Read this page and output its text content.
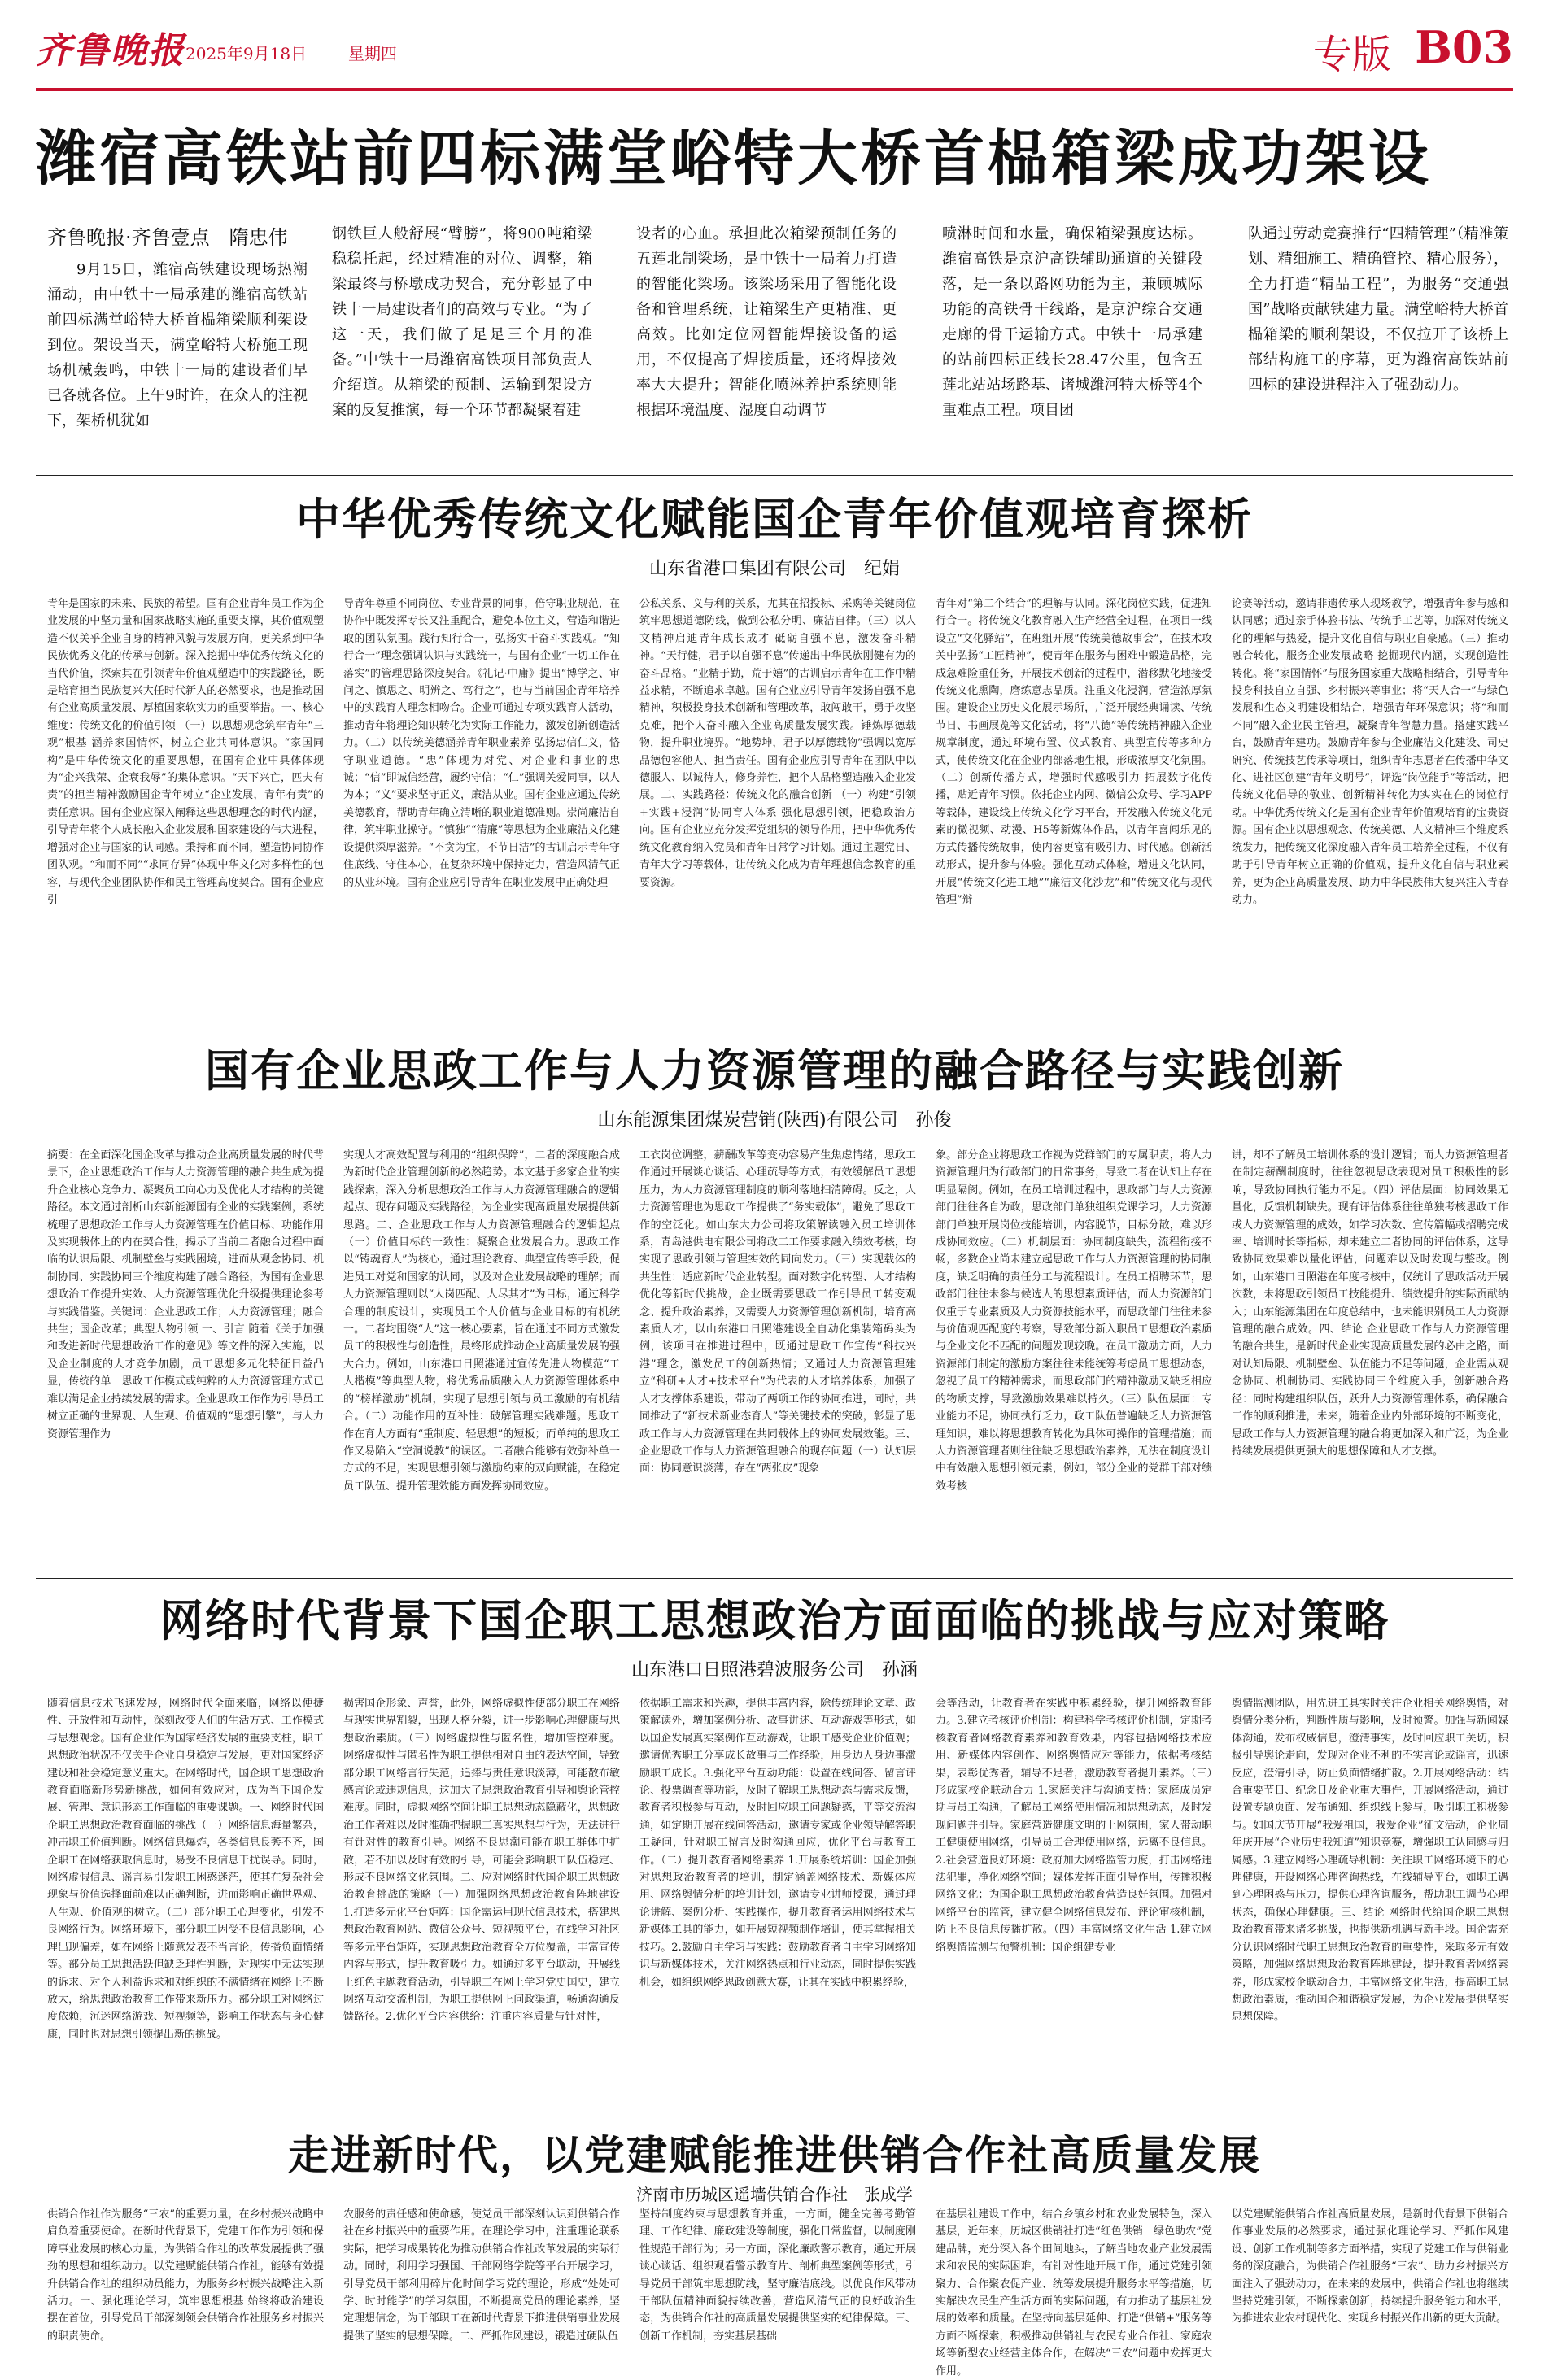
齐鲁晚报 2025年9月18日	星期四	专版 B03
潍宿高铁站前四标满堂峪特大桥首榀箱梁成功架设
齐鲁晚报·齐鲁壹点　隋忠伟
9月15日，潍宿高铁建设现场热潮涌动，由中铁十一局承建的潍宿高铁站前四标满堂峪特大桥首榀箱梁顺利架设到位。架设当天，满堂峪特大桥施工现场机械轰鸣，中铁十一局的建设者们早已各就各位。上午9时许，在众人的注视下，架桥机犹如
钢铁巨人般舒展“臂膀”，将900吨箱梁稳稳托起，经过精准的对位、调整，箱梁最终与桥墩成功契合，充分彰显了中铁十一局建设者们的高效与专业。“为了这一天，我们做了足足三个月的准备。”中铁十一局潍宿高铁项目部负责人介绍道。从箱梁的预制、运输到架设方案的反复推演，每一个环节都凝聚着建
设者的心血。承担此次箱梁预制任务的五莲北制梁场，是中铁十一局着力打造的智能化梁场。该梁场采用了智能化设备和管理系统，让箱梁生产更精准、更高效。比如定位网智能焊接设备的运用，不仅提高了焊接质量，还将焊接效率大大提升；智能化喷淋养护系统则能根据环境温度、湿度自动调节
喷淋时间和水量，确保箱梁强度达标。潍宿高铁是京沪高铁辅助通道的关键段落，是一条以路网功能为主，兼顾城际功能的高铁骨干线路，是京沪综合交通走廊的骨干运输方式。中铁十一局承建的站前四标正线长28.47公里，包含五莲北站站场路基、诸城潍河特大桥等4个重难点工程。项目团
队通过劳动竞赛推行“四精管理”（精准策划、精细施工、精确管控、精心服务），全力打造“精品工程”，为服务“交通强国”战略贡献铁建力量。满堂峪特大桥首榀箱梁的顺利架设，不仅拉开了该桥上部结构施工的序幕，更为潍宿高铁站前四标的建设进程注入了强劲动力。
中华优秀传统文化赋能国企青年价值观培育探析
山东省港口集团有限公司　纪娟
青年是国家的未来、民族的希望。国有企业青年员工作为企业发展的中坚力量和国家战略实施的重要支撑，其价值观塑造不仅关乎企业自身的精神风貌与发展方向，更关系到中华民族优秀文化的传承与创新。深入挖掘中华优秀传统文化的当代价值，探索其在引领青年价值观塑造中的实践路径，既是培育担当民族复兴大任时代新人的必然要求，也是推动国有企业高质量发展、厚植国家软实力的重要举措。一、核心维度：传统文化的价值引领 （一）以思想观念筑牢青年“三观”根基 涵养家国情怀，树立企业共同体意识。“家国同构”是中华传统文化的重要思想，在国有企业中具体体现为“企兴我荣、企衰我辱”的集体意识。“天下兴亡，匹夫有责”的担当精神激励国企青年树立“企业发展，青年有责”的责任意识。国有企业应深入阐释这些思想理念的时代内涵，引导青年将个人成长融入企业发展和国家建设的伟大进程，增强对企业与国家的认同感。秉持和而不同，塑造协同协作团队观。“和而不同”“求同存异”体现中华文化对多样性的包容，与现代企业团队协作和民主管理高度契合。国有企业应引
导青年尊重不同岗位、专业背景的同事，倍守职业规范，在协作中既发挥专长又注重配合，避免本位主义，营造和谐进取的团队氛围。践行知行合一，弘扬实干奋斗实践观。“知行合一”理念强调认识与实践统一，与国有企业“一切工作在落实”的管理思路深度契合。《礼记·中庸》提出“博学之、审问之、慎思之、明辨之、笃行之”，也与当前国企青年培养中的实践育人理念相吻合。企业可通过专项实践育人活动，推动青年将理论知识转化为实际工作能力，激发创新创造活力。（二）以传统美德涵养青年职业素养 弘扬忠信仁义，恪守职业道德。“忠”体现为对党、对企业和事业的忠诚；“信”即诚信经营，履约守信；“仁”强调关爱同事，以人为本；“义”要求坚守正义，廉洁从业。国有企业应通过传统美德教育，帮助青年确立清晰的职业道德准则。崇尚廉洁自律，筑牢职业操守。“慎独”“清廉”等思想为企业廉洁文化建设提供深厚滋养。“不贪为宝，不节日洁”的古训启示青年守住底线、守住本心，在复杂环境中保持定力，营造风清气正的从业环境。国有企业应引导青年在职业发展中正确处理
公私关系、义与利的关系，尤其在招投标、采购等关键岗位筑牢思想道德防线，做到公私分明、廉洁自律。（三）以人文精神启迪青年成长成才 砥砺自强不息，激发奋斗精神。“天行健，君子以自强不息”传递出中华民族刚健有为的奋斗品格。“业精于勤，荒于嬉”的古训启示青年在工作中精益求精，不断追求卓越。国有企业应引导青年发扬自强不息精神，积极投身技术创新和管理改革，敢闯敢干，勇于攻坚克难，把个人奋斗融入企业高质量发展实践。锤炼厚德载物，提升职业境界。“地势坤，君子以厚德载物”强调以宽厚品德包容他人、担当责任。国有企业应引导青年在团队中以德服人、以诚待人，修身养性，把个人品格塑造融入企业发展。二、实践路径：传统文化的融合创新 （一）构建“引领+实践+浸润”协同育人体系 强化思想引领，把稳政治方向。国有企业应充分发挥党组织的领导作用，把中华优秀传统文化教育纳入党员和青年日常学习计划。通过主题党日、青年大学习等载体，让传统文化成为青年理想信念教育的重要资源。
青年对“第二个结合”的理解与认同。深化岗位实践，促进知行合一。将传统文化教育融入生产经营全过程，在项目一线设立“文化驿站”，在班组开展“传统美德故事会”，在技术攻关中弘扬“工匠精神”，使青年在服务与困难中锻造品格，完成急难险重任务，开展技术创新的过程中，潜移默化地接受传统文化熏陶，磨练意志品质。注重文化浸润，营造浓厚氛围。建设企业历史文化展示场所，广泛开展经典诵读、传统节日、书画展览等文化活动，将“八德”等传统精神融入企业规章制度，通过环境布置、仪式教育、典型宣传等多种方式，使传统文化在企业内部落地生根，形成浓厚文化氛围。（二）创新传播方式，增强时代感吸引力 拓展数字化传播，贴近青年习惯。依托企业内网、微信公众号、学习APP等载体，建设线上传统文化学习平台，开发融入传统文化元素的微视频、动漫、H5等新媒体作品，以青年喜闻乐见的方式传播传统故事，使内容更富有吸引力、时代感。创新活动形式，提升参与体验。强化互动式体验，增进文化认同，开展“传统文化进工地”“廉洁文化沙龙”和“传统文化与现代管理”辩
论赛等活动，邀请非遗传承人现场教学，增强青年参与感和认同感；通过亲手体验书法、传统手工艺等，加深对传统文化的理解与热爱，提升文化自信与职业自豪感。（三）推动融合转化，服务企业发展战略 挖掘现代内涵，实现创造性转化。将“家国情怀”与服务国家重大战略相结合，引导青年投身科技自立自强、乡村振兴等事业；将“天人合一”与绿色发展和生态文明建设相结合，增强青年环保意识；将“和而不同”融入企业民主管理，凝聚青年智慧力量。搭建实践平台，鼓励青年建功。鼓励青年参与企业廉洁文化建设、司史研究、传统技艺传承等项目，组织青年志愿者在传播中华文化、进社区创建“青年文明号”，评选“岗位能手”等活动，把传统文化倡导的敬业、创新精神转化为实实在在的岗位行动。中华优秀传统文化是国有企业青年价值观培育的宝贵资源。国有企业以思想观念、传统美德、人文精神三个维度系统发力，把传统文化深度融入青年员工培养全过程，不仅有助于引导青年树立正确的价值观，提升文化自信与职业素养，更为企业高质量发展、助力中华民族伟大复兴注入青春动力。
国有企业思政工作与人力资源管理的融合路径与实践创新
山东能源集团煤炭营销(陕西)有限公司　孙俊
摘要：在全面深化国企改革与推动企业高质量发展的时代背景下，企业思想政治工作与人力资源管理的融合共生成为提升企业核心竞争力、凝聚员工向心力及优化人才结构的关键路径。本文通过剖析山东新能源国有企业的实践案例，系统梳理了思想政治工作与人力资源管理在价值目标、功能作用及实现载体上的内在契合性，揭示了当前二者融合过程中面临的认识局限、机制壁垒与实践困境，进而从观念协同、机制协同、实践协同三个维度构建了融合路径，为国有企业思想政治工作提升实效、人力资源管理优化升级提供理论参考与实践借鉴。关键词：企业思政工作；人力资源管理；融合共生；国企改革；典型人物引领 一、引言 随着《关于加强和改进新时代思想政治工作的意见》等文件的深入实施，以及企业制度的人才竞争加剧，员工思想多元化特征日益凸显，传统的单一思政工作模式或纯粹的人力资源管理方式已难以满足企业持续发展的需求。企业思政工作作为引导员工树立正确的世界观、人生观、价值观的“思想引擎”，与人力资源管理作为
实现人才高效配置与利用的“组织保障”，二者的深度融合成为新时代企业管理创新的必然趋势。本文基于多家企业的实践探索，深入分析思想政治工作与人力资源管理融合的逻辑起点、现存问题及实践路径，为企业实现高质量发展提供新思路。二、企业思政工作与人力资源管理融合的逻辑起点（一）价值目标的一致性：凝聚企业发展合力。思政工作以“铸魂育人”为核心，通过理论教育、典型宣传等手段，促进员工对党和国家的认同，以及对企业发展战略的理解；而人力资源管理则以“人岗匹配、人尽其才”为目标，通过科学合理的制度设计，实现员工个人价值与企业目标的有机统一。二者均围绕“人”这一核心要素，旨在通过不同方式激发员工的积极性与创造性，最终形成推动企业高质量发展的强大合力。例如，山东港口日照港通过宣传先进人物模范“工人楷模”等典型人物，将优秀品质融入人力资源管理体系中的“榜样激励”机制，实现了思想引领与员工激励的有机结合。（二）功能作用的互补性：破解管理实践难题。思政工作在育人方面有“重制度、轻思想”的短板；而单纯的思政工作又易陷入“空洞说教”的误区。二者融合能够有效弥补单一方式的不足，实现思想引领与激励约束的双向赋能，在稳定员工队伍、提升管理效能方面发挥协同效应。
工衣岗位调整，薪酬改革等变动容易产生焦虑情绪，思政工作通过开展谈心谈话、心理疏导等方式，有效缓解员工思想压力，为人力资源管理制度的顺利落地扫清障碍。反之，人力资源管理也为思政工作提供了“务实载体”，避免了思政工作的空泛化。如山东大力公司将政策解读融入员工培训体系，青岛港供电有限公司将政工工作要求融入绩效考核，均实现了思政引领与管理实效的同向发力。（三）实现载体的共生性：适应新时代企业转型。面对数字化转型、人才结构优化等新时代挑战，企业既需要思政工作引导员工转变观念、提升政治素养，又需要人力资源管理创新机制，培育高素质人才，以山东港口日照港建设全自动化集装箱码头为例，该项目在推进过程中，既通过思政工作宣传“科技兴港”理念，激发员工的创新热情；又通过人力资源管理建立“科研+人才+技术平台”为代表的人才培养体系，加强了人才支撑体系建设，带动了两项工作的协同推进，同时，共同推动了“新技术新业态育人”等关键技术的突破，彰显了思政工作与人力资源管理在共同载体上的协同发展效能。三、企业思政工作与人力资源管理融合的现存问题（一）认知层面：协同意识淡薄，存在“两张皮”现象
象。部分企业将思政工作视为党群部门的专属职责，将人力资源管理归为行政部门的日常事务，导致二者在认知上存在明显隔阂。例如，在员工培训过程中，思政部门与人力资源部门往往各自为政，思政部门单独组织党课学习，人力资源部门单独开展岗位技能培训，内容脱节，目标分散，难以形成协同效应。（二）机制层面：协同制度缺失，流程衔接不畅，多数企业尚未建立起思政工作与人力资源管理的协同制度，缺乏明确的责任分工与流程设计。在员工招聘环节，思政部门往往未参与候选人的思想素质评估，而人力资源部门仅重于专业素质及人力资源技能水平，而思政部门往往未参与价值观匹配度的考察，导致部分新入职员工思想政治素质与企业文化不匹配的问题发现较晚。在员工激励方面，人力资源部门制定的激励方案往往未能统筹考虑员工思想动态，忽视了员工的精神需求，而思政部门的精神激励又缺乏相应的物质支撑，导致激励效果难以持久。（三）队伍层面：专业能力不足，协同执行乏力，政工队伍普遍缺乏人力资源管理知识，难以将思想教育转化为具体可操作的管理措施；而人力资源管理者则往往缺乏思想政治素养，无法在制度设计中有效融入思想引领元素，例如，部分企业的党群干部对绩效考核
讲，却不了解员工培训体系的设计逻辑；而人力资源管理者在制定薪酬制度时，往往忽视思政表现对员工积极性的影响，导致协同执行能力不足。（四）评估层面：协同效果无量化，反馈机制缺失。现有评估体系往往单独考核思政工作或人力资源管理的成效，如学习次数、宣传篇幅或招聘完成率、培训时长等指标，却未建立二者协同的评估体系，这导致协同效果难以量化评估，问题难以及时发现与整改。例如，山东港口日照港在年度考核中，仅统计了思政活动开展次数，未将思政引领员工技能提升、绩效提升的实际贡献纳入；山东能源集团在年度总结中，也未能识别员工人力资源管理的融合成效。四、结论 企业思政工作与人力资源管理的融合共生，是新时代企业实现高质量发展的必由之路，面对认知局限、机制壁垒、队伍能力不足等问题，企业需从观念协同、机制协同、实践协同三个维度入手，创新融合路径：同时构建组织队伍，跃升人力资源管理体系，确保融合工作的顺利推进，未来，随着企业内外部环境的不断变化，思政工作与人力资源管理的融合将更加深入和广泛，为企业持续发展提供更强大的思想保障和人才支撑。
网络时代背景下国企职工思想政治方面面临的挑战与应对策略
山东港口日照港碧波服务公司　孙涵
随着信息技术飞速发展，网络时代全面来临，网络以便捷性、开放性和互动性，深刻改变人们的生活方式、工作模式与思想观念。国有企业作为国家经济发展的重要支柱，职工思想政治状况不仅关乎企业自身稳定与发展，更对国家经济建设和社会稳定意义重大。在网络时代，国企职工思想政治教育面临新形势新挑战，如何有效应对，成为当下国企发展、管理、意识形态工作面临的重要课题。一、网络时代国企职工思想政治教育面临的挑战（一）网络信息海量繁杂，冲击职工价值判断。网络信息爆炸，各类信息良莠不齐，国企职工在网络获取信息时，易受不良信息干扰误导。同时，网络虚假信息、谣言易引发职工困惑迷茫，使其在复杂社会现象与价值选择面前难以正确判断，进而影响正确世界观、人生观、价值观的树立。（二）部分职工心理变化，引发不良网络行为。网络环境下，部分职工因受不良信息影响，心理出现偏差，如在网络上随意发表不当言论，传播负面情绪等。部分员工思想活跃但缺乏理性判断，对现实中无法实现的诉求、对个人利益诉求和对组织的不满情绪在网络上不断放大，给思想政治教育工作带来新压力。部分职工对网络过度依赖，沉迷网络游戏、短视频等，影响工作状态与身心健康，同时也对思想引领提出新的挑战。
损害国企形象、声誉，此外，网络虚拟性使部分职工在网络与现实世界割裂，出现人格分裂，进一步影响心理健康与思想政治素质。（三）网络虚拟性与匿名性，增加管控难度。网络虚拟性与匿名性为职工提供相对自由的表达空间，导致部分职工网络言行失范，追捧与责任意识淡薄，可能散布敏感言论或违规信息，这加大了思想政治教育引导和舆论管控难度。同时，虚拟网络空间让职工思想动态隐蔽化，思想政治工作者难以及时准确把握职工真实思想与行为，无法进行有针对性的教育引导。网络不良思潮可能在职工群体中扩散，若不加以及时有效的引导，可能会影响职工队伍稳定、形成不良网络文化氛围。二、应对网络时代国企职工思想政治教育挑战的策略（一）加强网络思想政治教育阵地建设 1.打造多元化平台矩阵：国企需运用现代信息技术，搭建思想政治教育网站、微信公众号、短视频平台，在线学习社区等多元平台矩阵，实现思想政治教育全方位覆盖，丰富宣传内容与形式，提升教育吸引力。如通过多平台联动，开展线上红色主题教育活动，引导职工在网上学习党史国史，建立网络互动交流机制，为职工提供网上问政渠道，畅通沟通反馈路径。2.优化平台内容供给：注重内容质量与针对性，
依据职工需求和兴趣，提供丰富内容，除传统理论文章、政策解读外，增加案例分析、故事讲述、互动游戏等形式，如以国企发展真实案例作互动游戏，让职工感受企业价值观；邀请优秀职工分享成长故事与工作经验，用身边人身边事激励职工成长。3.强化平台互动功能：设置在线问答、留言评论、投票调查等功能，及时了解职工思想动态与需求反馈，教育者积极参与互动，及时回应职工问题疑惑，平等交流沟通，如定期开展在线问答活动，邀请专家或企业领导解答职工疑问，针对职工留言及时沟通回应，优化平台与教育工作。（二）提升教育者网络素养 1.开展系统培训：国企加强对思想政治教育者的培训，制定涵盖网络技术、新媒体应用、网络舆情分析的培训计划，邀请专业讲师授课，通过理论讲解、案例分析、实践操作，提升教育者运用网络技术与新媒体工具的能力，如开展短视频制作培训，使其掌握相关技巧。2.鼓励自主学习与实践：鼓励教育者自主学习网络知识与新媒体技术，关注网络热点和行业动态，同时提供实践机会，如组织网络思政创意大赛，让其在实践中积累经验，
会等活动，让教育者在实践中积累经验，提升网络教育能力。3.建立考核评价机制：构建科学考核评价机制，定期考核教育者网络教育素养和教育效果，内容包括网络技术应用、新媒体内容创作、网络舆情应对等能力，依据考核结果，表彰优秀者，辅导不足者，激励教育者提升素养。（三）形成家校企联动合力 1.家庭关注与沟通支持：家庭成员定期与员工沟通，了解员工网络使用情况和思想动态，及时发现问题并引导。家庭营造健康文明的上网氛围，家人带动职工健康使用网络，引导员工合理使用网络，远离不良信息。2.社会营造良好环境：政府加大网络监管力度，打击网络违法犯罪，净化网络空间；媒体发挥正面引导作用，传播积极网络文化；为国企职工思想政治教育营造良好氛围。加强对网络平台的监管，建立健全网络信息发布、评论审核机制，防止不良信息传播扩散。（四）丰富网络文化生活 1.建立网络舆情监测与预警机制：国企组建专业
舆情监测团队，用先进工具实时关注企业相关网络舆情，对舆情分类分析，判断性质与影响，及时预警。加强与新闻媒体沟通，发布权威信息，澄清事实，及时回应职工关切，积极引导舆论走向，发现对企业不利的不实言论或谣言，迅速反应，澄清引导，防止负面情绪扩散。2.开展网络活动：结合重要节日、纪念日及企业重大事件，开展网络活动，通过设置专题页面、发布通知、组织线上参与，吸引职工积极参与。如国庆节开展“我爱祖国，我爱企业”征文活动，企业周年庆开展“企业历史我知道”知识竞赛，增强职工认同感与归属感。3.建立网络心理疏导机制：关注职工网络环境下的心理健康，开设网络心理咨询热线，在线辅导平台，如职工遇到心理困惑与压力，提供心理咨询服务，帮助职工调节心理状态，确保心理健康。三、结论 网络时代给国企职工思想政治教育带来诸多挑战，也提供新机遇与新手段。国企需充分认识网络时代职工思想政治教育的重要性，采取多元有效策略，加强网络思想政治教育阵地建设，提升教育者网络素养，形成家校企联动合力，丰富网络文化生活，提高职工思想政治素质，推动国企和谐稳定发展，为企业发展提供坚实思想保障。
走进新时代，以党建赋能推进供销合作社高质量发展
济南市历城区遥墙供销合作社　张成学
供销合作社作为服务“三农”的重要力量，在乡村振兴战略中肩负着重要使命。在新时代背景下，党建工作作为引领和保障事业发展的核心力量，为供销合作社的改革发展提供了强劲的思想和组织动力。以党建赋能供销合作社，能够有效提升供销合作社的组织动员能力，为服务乡村振兴战略注入新活力。一、强化理论学习，筑牢思想根基 始终将政治建设摆在首位，引导党员干部深刻领会供销合作社服务乡村振兴的职责使命。
农服务的责任感和使命感，使党员干部深刻认识到供销合作社在乡村振兴中的重要作用。在理论学习中，注重理论联系实际，把学习成果转化为推动供销合作社改革发展的实际行动。同时，利用学习强国、干部网络学院等平台开展学习，引导党员干部利用碎片化时间学习党的理论，形成“处处可学、时时能学”的学习氛围，不断提高党员的理论素养，坚定理想信念，为干部职工在新时代背景下推进供销事业发展提供了坚实的思想保障。二、严抓作风建设，锻造过硬队伍
坚持制度约束与思想教育并重，一方面，健全完善考勤管理、工作纪律、廉政建设等制度，强化日常监督，以制度刚性规范干部行为；另一方面，深化廉政警示教育，通过开展谈心谈话、组织观看警示教育片、剖析典型案例等形式，引导党员干部筑牢思想防线，坚守廉洁底线。以优良作风带动干部队伍精神面貌持续改善，营造风清气正的良好政治生态，为供销合作社的高质量发展提供坚实的纪律保障。三、创新工作机制，夯实基层基础
在基层社建设工作中，结合乡镇乡村和农业发展特色，深入基层，近年来，历城区供销社打造“红色供销　绿色助农”党建品牌，充分深入各个田间地头，了解当地农业产业发展需求和农民的实际困难，有针对性地开展工作，通过党建引领聚力、合作聚农促产业、统筹发展提升服务水平等措施，切实解决农民生产生活方面的实际问题，有力推动了基层社发展的效率和质量。在坚持向基层延伸、打造“供销+”服务等方面不断探索，积极推动供销社与农民专业合作社、家庭农场等新型农业经营主体合作，在解决“三农”问题中发挥更大作用。
以党建赋能供销合作社高质量发展，是新时代背景下供销合作事业发展的必然要求，通过强化理论学习、严抓作风建设、创新工作机制等多方面举措，实现了党建工作与供销业务的深度融合，为供销合作社服务“三农”、助力乡村振兴方面注入了强劲动力，在未来的发展中，供销合作社也将继续坚持党建引领，不断探索创新，持续提升服务能力和水平，为推进农业农村现代化、实现乡村振兴作出新的更大贡献。
